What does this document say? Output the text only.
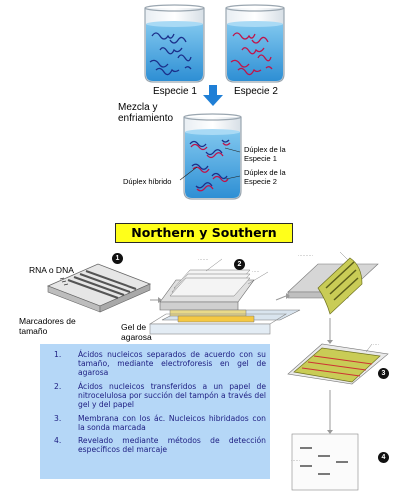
Especie 1	Especie 2
Mezcla y
enfriamiento
Dúplex de la
Especie 1
Dúplex de la
Especie 2
Dúplex híbrido
Northern y Southern
·······
·····
··········
····
······
1
2
3
4
RNA o DNA
Marcadores de
tamaño	Gel de
agarosa
1. Ácidos nucleicos separados de acuerdo con su tamaño, mediante electroforesis en gel de agarosa
2. Ácidos nucleicos transferidos a un papel de nitrocelulosa por succión del tampón a través del gel y del papel
3. Membrana con los ác. Nucleicos hibridados con la sonda marcada
4. Revelado mediante métodos de detección específicos del marcaje
